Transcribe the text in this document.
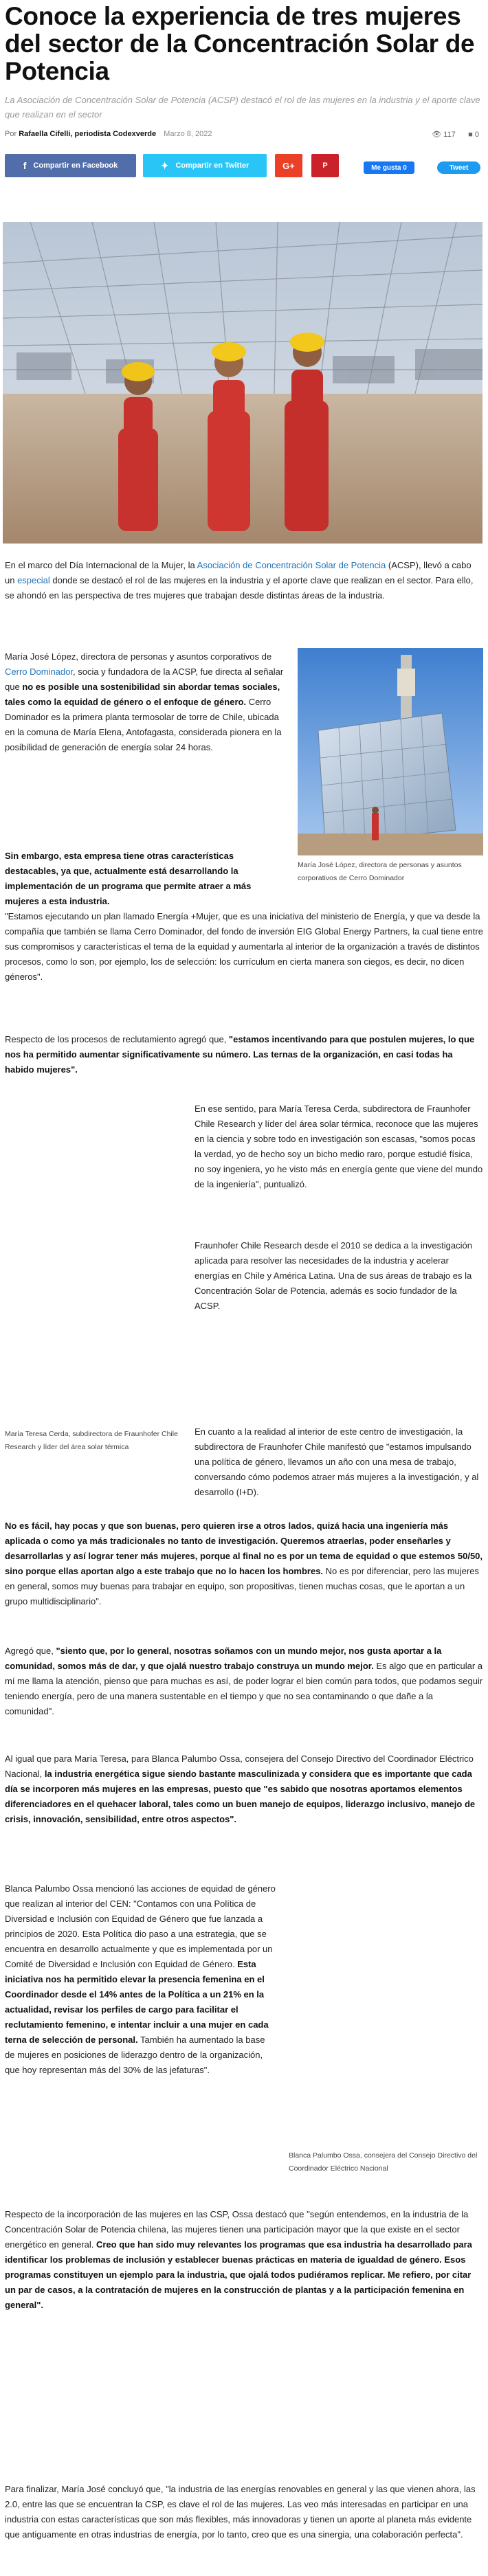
Conoce la experiencia de tres mujeres del sector de la Concentración Solar de Potencia
La Asociación de Concentración Solar de Potencia (ACSP) destacó el rol de las mujeres en la industria y el aporte clave que realizan en el sector
Por Rafaella Cifelli, periodista Codexverde Marzo 8, 2022	👁 117 ■ 0
f Compartir en Facebook	✦ Compartir en Twitter	G+	P	Me gusta 0	Tweet

En el marco del Día Internacional de la Mujer, la Asociación de Concentración Solar de Potencia (ACSP), llevó a cabo un especial donde se destacó el rol de las mujeres en la industria y el aporte clave que realizan en el sector. Para ello, se ahondó en las perspectiva de tres mujeres que trabajan desde distintas áreas de la industria.

María José López, directora de personas y asuntos corporativos de Cerro Dominador, socia y fundadora de la ACSP, fue directa al señalar que no es posible una sostenibilidad sin abordar temas sociales, tales como la equidad de género o el enfoque de género. Cerro Dominador es la primera planta termosolar de torre de Chile, ubicada en la comuna de María Elena, Antofagasta, considerada pionera en la posibilidad de generación de energía solar 24 horas.

María José López, directora de personas y asuntos corporativos de Cerro Dominador

Sin embargo, esta empresa tiene otras características destacables, ya que, actualmente está desarrollando la implementación de un programa que permite atraer a más mujeres a esta industria.

"Estamos ejecutando un plan llamado Energía +Mujer, que es una iniciativa del ministerio de Energía, y que va desde la compañía que también se llama Cerro Dominador, del fondo de inversión EIG Global Energy Partners, la cual tiene entre sus compromisos y características el tema de la equidad y aumentarla al interior de la organización a través de distintos procesos, como lo son, por ejemplo, los de selección: los currículum en cierta manera son ciegos, es decir, no dicen géneros".

Respecto de los procesos de reclutamiento agregó que, "estamos incentivando para que postulen mujeres, lo que nos ha permitido aumentar significativamente su número. Las ternas de la organización, en casi todas ha habido mujeres".

María Teresa Cerda, subdirectora de Fraunhofer Chile Research y líder del área solar térmica

En ese sentido, para María Teresa Cerda, subdirectora de Fraunhofer Chile Research y líder del área solar térmica, reconoce que las mujeres en la ciencia y sobre todo en investigación son escasas, "somos pocas la verdad, yo de hecho soy un bicho medio raro, porque estudié física, no soy ingeniera, yo he visto más en energía gente que viene del mundo de la ingeniería", puntualizó.

Fraunhofer Chile Research desde el 2010 se dedica a la investigación aplicada para resolver las necesidades de la industria y acelerar energías en Chile y América Latina. Una de sus áreas de trabajo es la Concentración Solar de Potencia, además es socio fundador de la ACSP.

En cuanto a la realidad al interior de este centro de investigación, la subdirectora de Fraunhofer Chile manifestó que "estamos impulsando una política de género, llevamos un año con una mesa de trabajo, conversando cómo podemos atraer más mujeres a la investigación, y al desarrollo (I+D).

No es fácil, hay pocas y que son buenas, pero quieren irse a otros lados, quizá hacia una ingeniería más aplicada o como ya más tradicionales no tanto de investigación. Queremos atraerlas, poder enseñarles y desarrollarlas y así lograr tener más mujeres, porque al final no es por un tema de equidad o que estemos 50/50, sino porque ellas aportan algo a este trabajo que no lo hacen los hombres. No es por diferenciar, pero las mujeres en general, somos muy buenas para trabajar en equipo, son propositivas, tienen muchas cosas, que le aportan a un grupo multidisciplinario".

Agregó que, "siento que, por lo general, nosotras soñamos con un mundo mejor, nos gusta aportar a la comunidad, somos más de dar, y que ojalá nuestro trabajo construya un mundo mejor. Es algo que en particular a mí me llama la atención, pienso que para muchas es así, de poder lograr el bien común para todos, que podamos seguir teniendo energía, pero de una manera sustentable en el tiempo y que no sea contaminando o que dañe a la comunidad".

Al igual que para María Teresa, para Blanca Palumbo Ossa, consejera del Consejo Directivo del Coordinador Eléctrico Nacional, la industria energética sigue siendo bastante masculinizada y considera que es importante que cada día se incorporen más mujeres en las empresas, puesto que "es sabido que nosotras aportamos elementos diferenciadores en el quehacer laboral, tales como un buen manejo de equipos, liderazgo inclusivo, manejo de crisis, innovación, sensibilidad, entre otros aspectos".

Blanca Palumbo Ossa mencionó las acciones de equidad de género que realizan al interior del CEN: "Contamos con una Política de Diversidad e Inclusión con Equidad de Género que fue lanzada a principios de 2020. Esta Política dio paso a una estrategia, que se encuentra en desarrollo actualmente y que es implementada por un Comité de Diversidad e Inclusión con Equidad de Género. Esta iniciativa nos ha permitido elevar la presencia femenina en el Coordinador desde el 14% antes de la Política a un 21% en la actualidad, revisar los perfiles de cargo para facilitar el reclutamiento femenino, e intentar incluir a una mujer en cada terna de selección de personal. También ha aumentado la base de mujeres en posiciones de liderazgo dentro de la organización, que hoy representan más del 30% de las jefaturas".

Blanca Palumbo Ossa, consejera del Consejo Directivo del Coordinador Eléctrico Nacional

Respecto de la incorporación de las mujeres en las CSP, Ossa destacó que "según entendemos, en la industria de la Concentración Solar de Potencia chilena, las mujeres tienen una participación mayor que la que existe en el sector energético en general. Creo que han sido muy relevantes los programas que esa industria ha desarrollado para identificar los problemas de inclusión y establecer buenas prácticas en materia de igualdad de género. Esos programas constituyen un ejemplo para la industria, que ojalá todos pudiéramos replicar. Me refiero, por citar un par de casos, a la contratación de mujeres en la construcción de plantas y a la participación femenina en general".

Para finalizar, María José concluyó que, "la industria de las energías renovables en general y las que vienen ahora, las 2.0, entre las que se encuentran la CSP, es clave el rol de las mujeres. Las veo más interesadas en participar en una industria con estas características que son más flexibles, más innovadoras y tienen un aporte al planeta más evidente que antiguamente en otras industrias de energía, por lo tanto, creo que es una sinergia, una colaboración perfecta".
